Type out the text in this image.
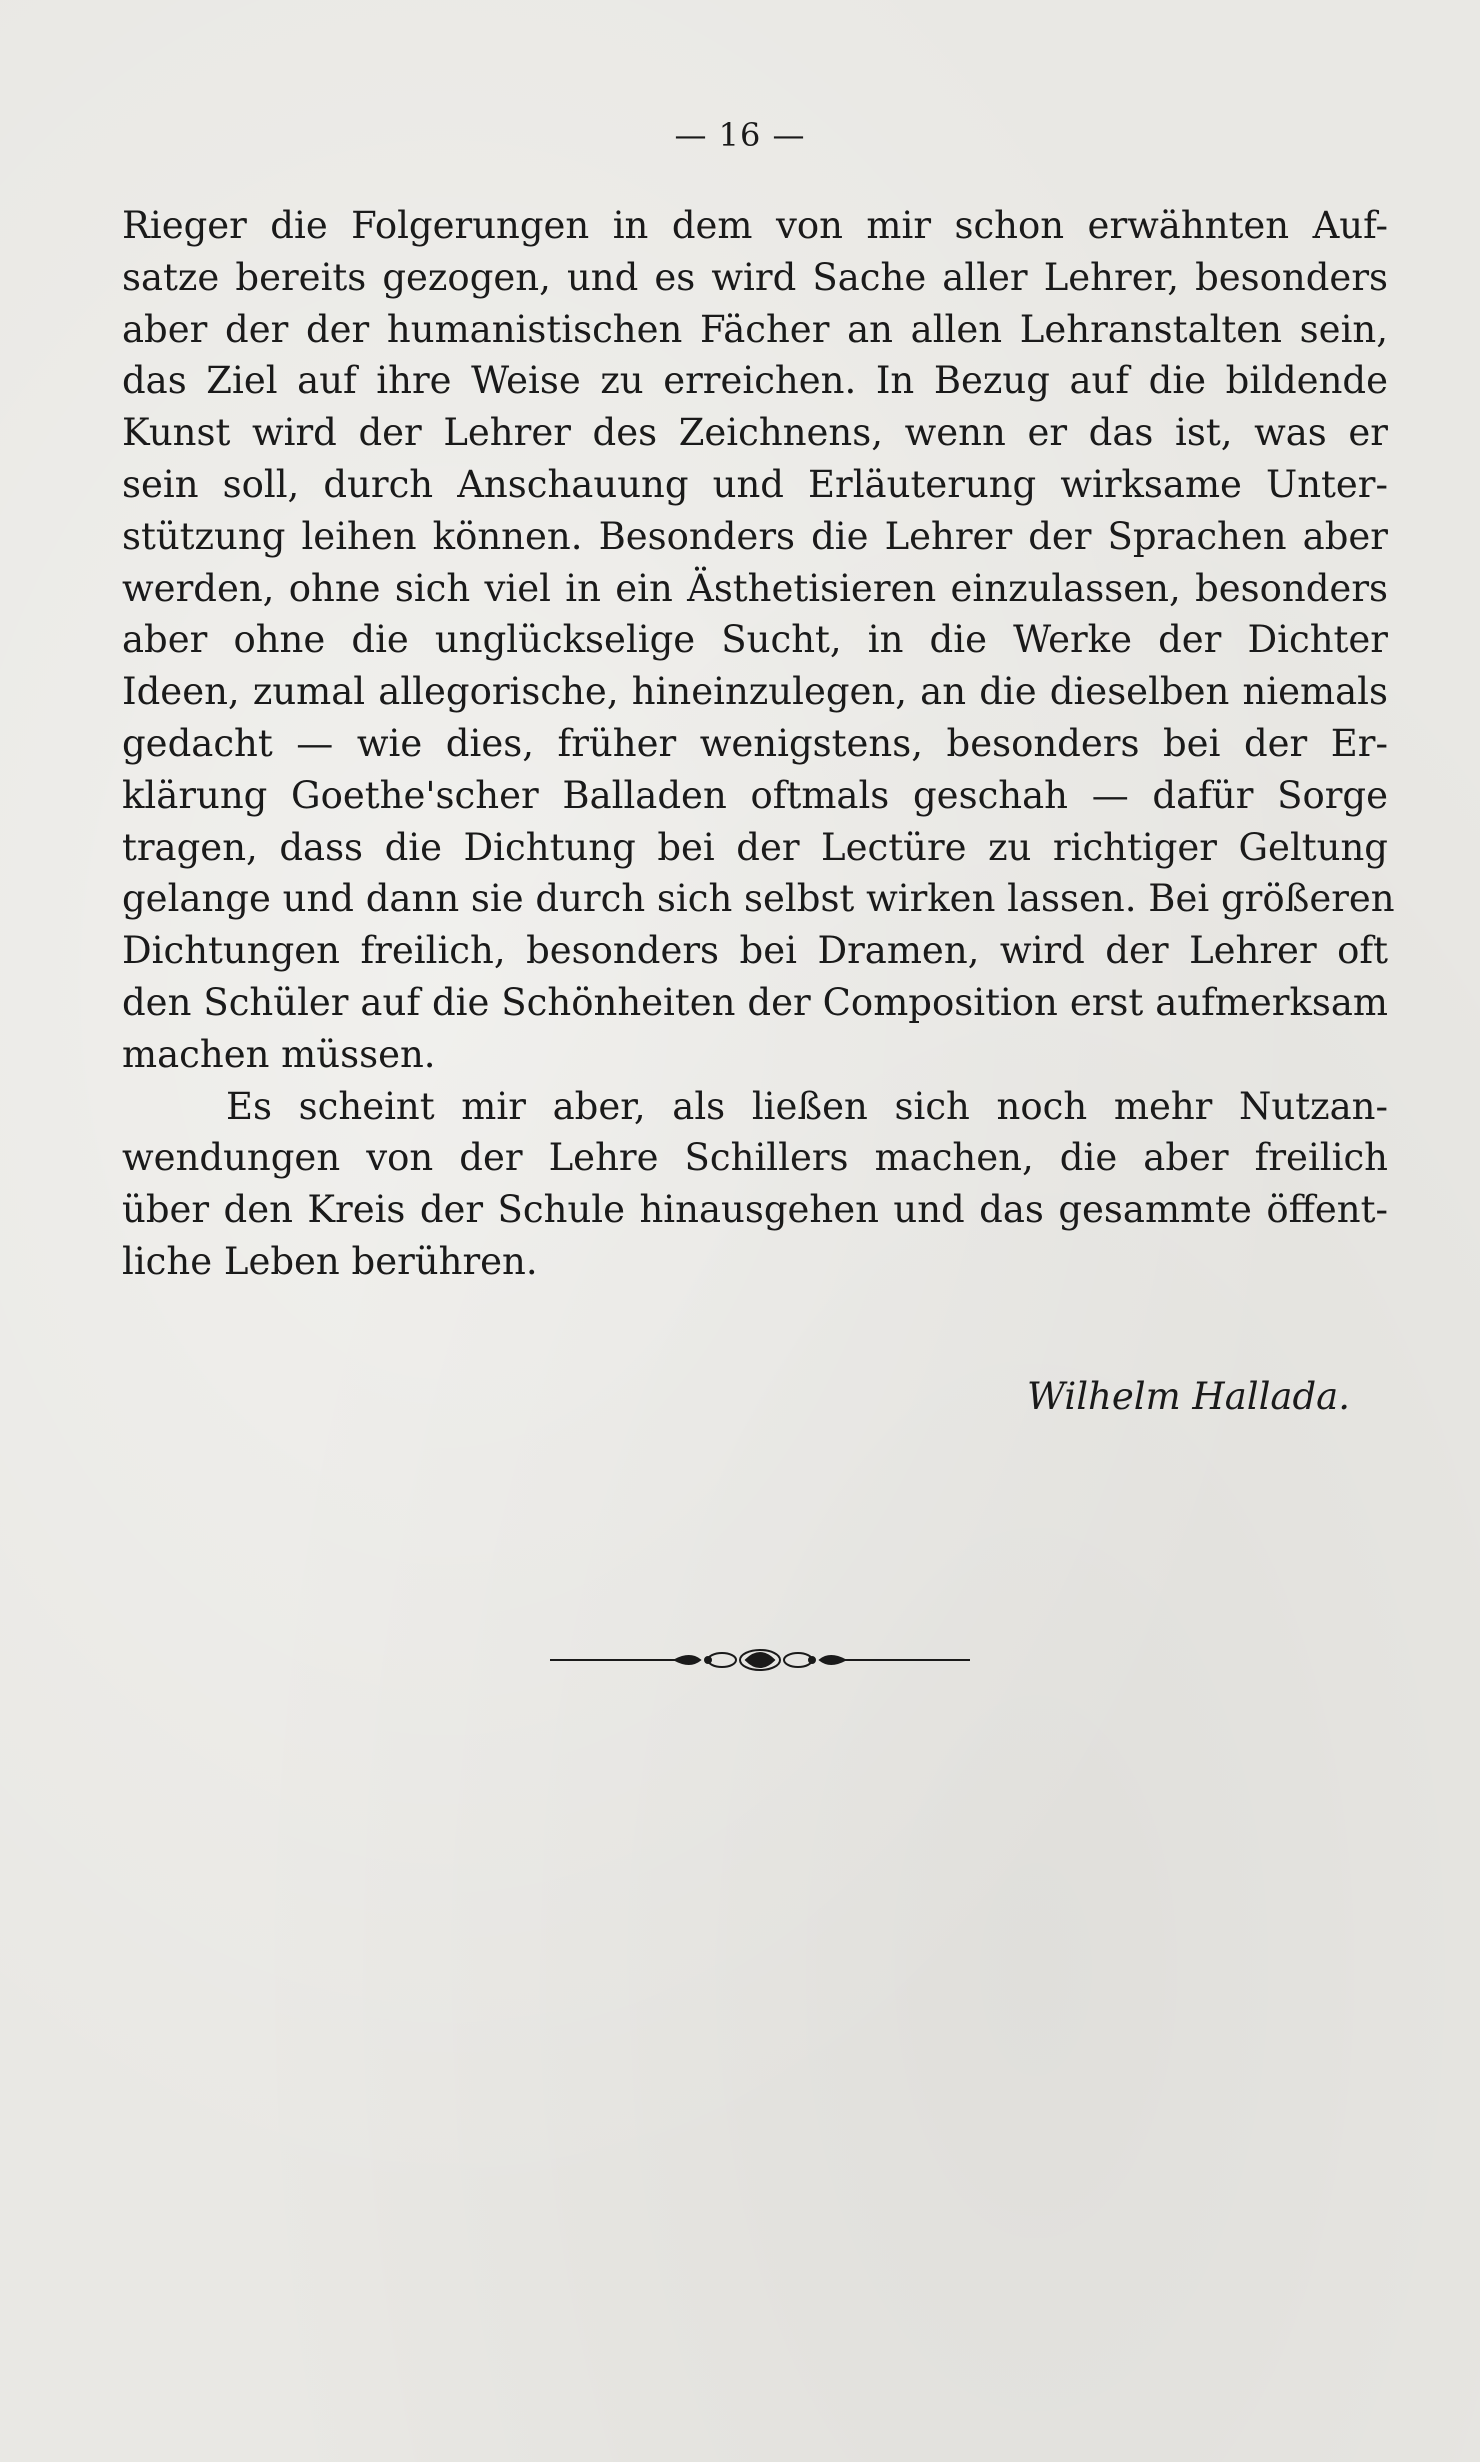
— 16 —
Rieger die Folgerungen in dem von mir schon erwähnten Auf-
satze bereits gezogen, und es wird Sache aller Lehrer, besonders
aber der der humanistischen Fächer an allen Lehranstalten sein,
das Ziel auf ihre Weise zu erreichen. In Bezug auf die bildende
Kunst wird der Lehrer des Zeichnens, wenn er das ist, was er
sein soll, durch Anschauung und Erläuterung wirksame Unter-
stützung leihen können. Besonders die Lehrer der Sprachen aber
werden, ohne sich viel in ein Ästhetisieren einzulassen, besonders
aber ohne die unglückselige Sucht, in die Werke der Dichter
Ideen, zumal allegorische, hineinzulegen, an die dieselben niemals
gedacht — wie dies, früher wenigstens, besonders bei der Er-
klärung Goethe'scher Balladen oftmals geschah — dafür Sorge
tragen, dass die Dichtung bei der Lectüre zu richtiger Geltung
gelange und dann sie durch sich selbst wirken lassen. Bei größeren
Dichtungen freilich, besonders bei Dramen, wird der Lehrer oft
den Schüler auf die Schönheiten der Composition erst aufmerksam
machen müssen.
Es scheint mir aber, als ließen sich noch mehr Nutzan-
wendungen von der Lehre Schillers machen, die aber freilich
über den Kreis der Schule hinausgehen und das gesammte öffent-
liche Leben berühren.
Wilhelm Hallada.
